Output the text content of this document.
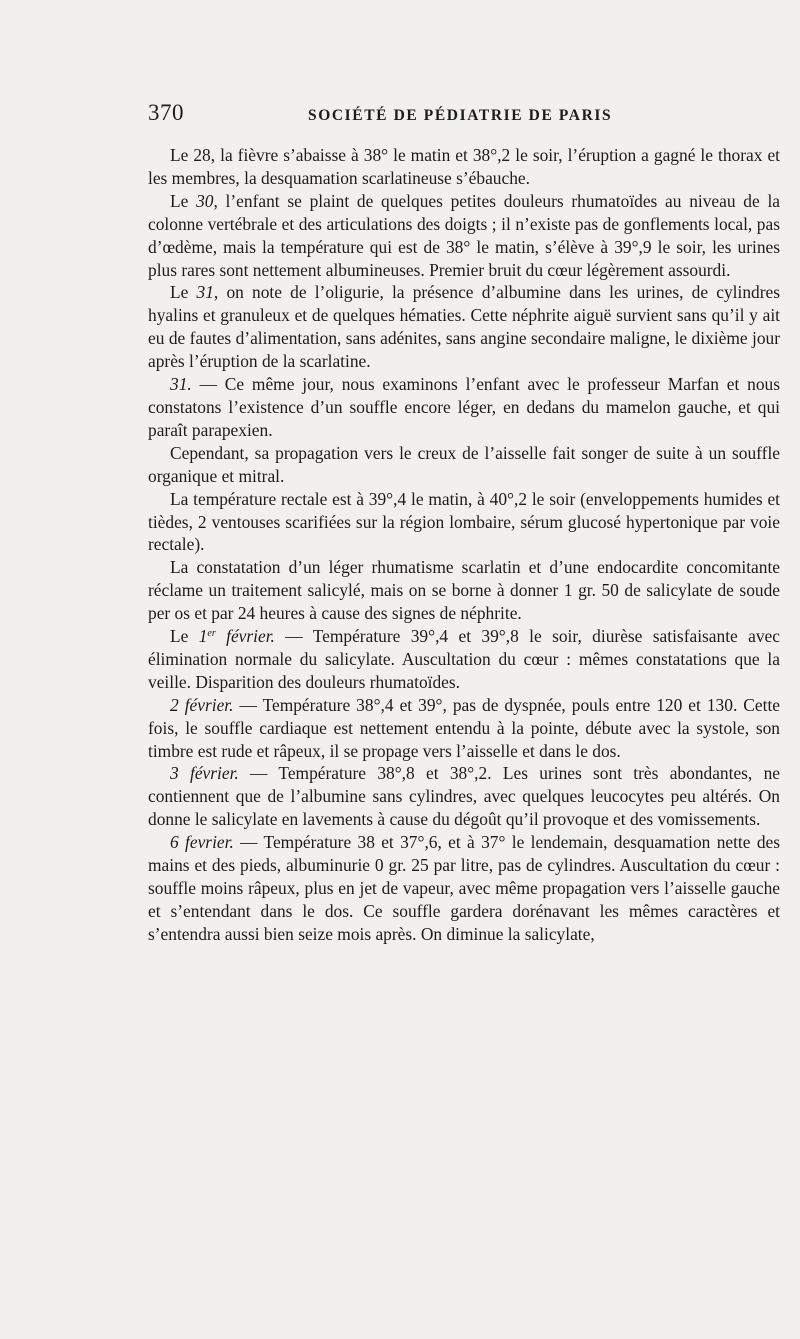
370	SOCIÉTÉ DE PÉDIATRIE DE PARIS

Le 28, la fièvre s’abaisse à 38° le matin et 38°,2 le soir, l’éruption a gagné le thorax et les membres, la desquamation scarlatineuse s’ébauche.

Le 30, l’enfant se plaint de quelques petites douleurs rhumatoïdes au niveau de la colonne vertébrale et des articulations des doigts ; il n’existe pas de gonflements local, pas d’œdème, mais la température qui est de 38° le matin, s’élève à 39°,9 le soir, les urines plus rares sont nettement albumineuses. Premier bruit du cœur légèrement assourdi.

Le 31, on note de l’oligurie, la présence d’albumine dans les urines, de cylindres hyalins et granuleux et de quelques hématies. Cette néphrite aiguë survient sans qu’il y ait eu de fautes d’alimentation, sans adénites, sans angine secondaire maligne, le dixième jour après l’éruption de la scarlatine.

31. — Ce même jour, nous examinons l’enfant avec le professeur Marfan et nous constatons l’existence d’un souffle encore léger, en dedans du mamelon gauche, et qui paraît parapexien.

Cependant, sa propagation vers le creux de l’aisselle fait songer de suite à un souffle organique et mitral.

La température rectale est à 39°,4 le matin, à 40°,2 le soir (enveloppements humides et tièdes, 2 ventouses scarifiées sur la région lombaire, sérum glucosé hypertonique par voie rectale).

La constatation d’un léger rhumatisme scarlatin et d’une endocardite concomitante réclame un traitement salicylé, mais on se borne à donner 1 gr. 50 de salicylate de soude per os et par 24 heures à cause des signes de néphrite.

Le 1er février. — Température 39°,4 et 39°,8 le soir, diurèse satisfaisante avec élimination normale du salicylate. Auscultation du cœur : mêmes constatations que la veille. Disparition des douleurs rhumatoïdes.

2 février. — Température 38°,4 et 39°, pas de dyspnée, pouls entre 120 et 130. Cette fois, le souffle cardiaque est nettement entendu à la pointe, débute avec la systole, son timbre est rude et râpeux, il se propage vers l’aisselle et dans le dos.

3 février. — Température 38°,8 et 38°,2. Les urines sont très abondantes, ne contiennent que de l’albumine sans cylindres, avec quelques leucocytes peu altérés. On donne le salicylate en lavements à cause du dégoût qu’il provoque et des vomissements.

6 fevrier. — Température 38 et 37°,6, et à 37° le lendemain, desquamation nette des mains et des pieds, albuminurie 0 gr. 25 par litre, pas de cylindres. Auscultation du cœur : souffle moins râpeux, plus en jet de vapeur, avec même propagation vers l’aisselle gauche et s’entendant dans le dos. Ce souffle gardera dorénavant les mêmes caractères et s’entendra aussi bien seize mois après. On diminue la salicylate,
